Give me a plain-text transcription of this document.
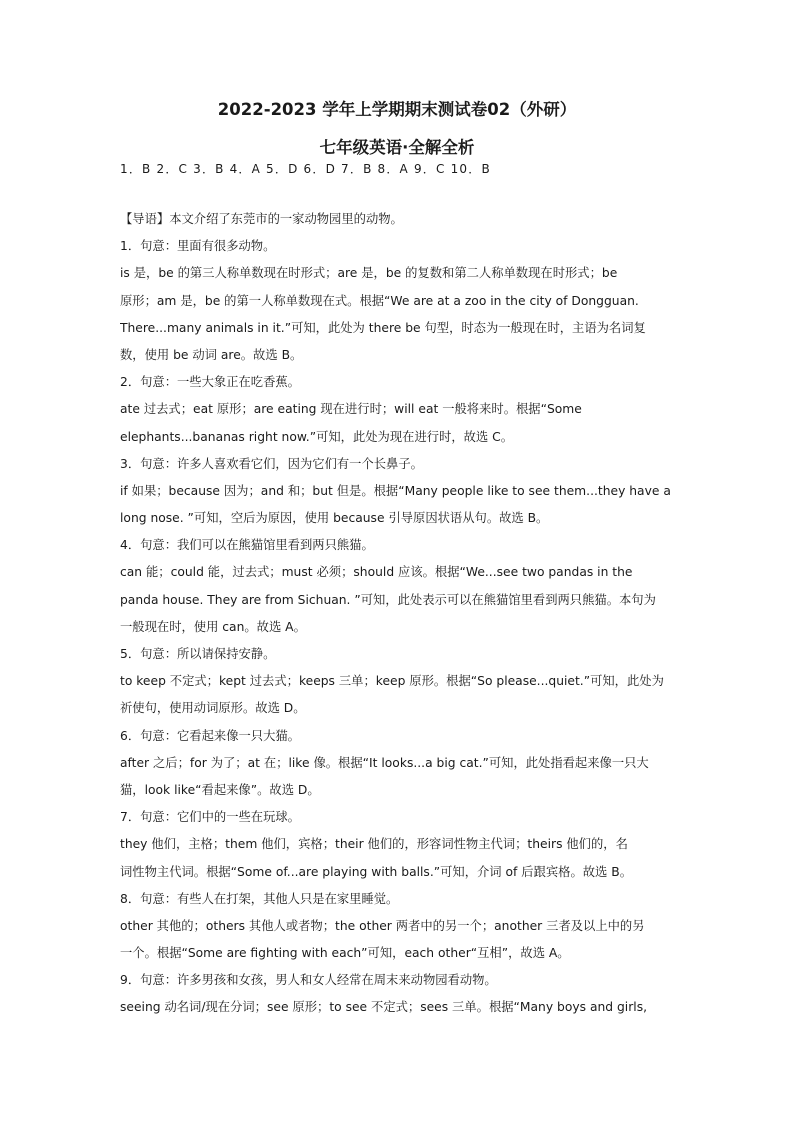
2022-2023 学年上学期期末测试卷02（外研）
七年级英语·全解全析
1．B 2．C 3．B 4．A 5．D 6．D 7．B 8．A 9．C 10．B
【导语】本文介绍了东莞市的一家动物园里的动物。
1．句意：里面有很多动物。
is 是，be 的第三人称单数现在时形式；are 是，be 的复数和第二人称单数现在时形式；be
原形；am 是，be 的第一人称单数现在式。根据“We are at a zoo in the city of Dongguan.
There...many animals in it.”可知，此处为 there be 句型，时态为一般现在时，主语为名词复
数，使用 be 动词 are。故选 B。
2．句意：一些大象正在吃香蕉。
ate 过去式；eat 原形；are eating 现在进行时；will eat 一般将来时。根据“Some
elephants...bananas right now.”可知，此处为现在进行时，故选 C。
3．句意：许多人喜欢看它们，因为它们有一个长鼻子。
if 如果；because 因为；and 和；but 但是。根据“Many people like to see them...they have a
long nose. ”可知，空后为原因，使用 because 引导原因状语从句。故选 B。
4．句意：我们可以在熊猫馆里看到两只熊猫。
can 能；could 能，过去式；must 必须；should 应该。根据“We...see two pandas in the
panda house. They are from Sichuan. ”可知，此处表示可以在熊猫馆里看到两只熊猫。本句为
一般现在时，使用 can。故选 A。
5．句意：所以请保持安静。
to keep 不定式；kept 过去式；keeps 三单；keep 原形。根据“So please...quiet.”可知，此处为
祈使句，使用动词原形。故选 D。
6．句意：它看起来像一只大猫。
after 之后；for 为了；at 在；like 像。根据“It looks...a big cat.”可知，此处指看起来像一只大
猫，look like“看起来像”。故选 D。
7．句意：它们中的一些在玩球。
they 他们，主格；them 他们，宾格；their 他们的，形容词性物主代词；theirs 他们的，名
词性物主代词。根据“Some of...are playing with balls.”可知，介词 of 后跟宾格。故选 B。
8．句意：有些人在打架，其他人只是在家里睡觉。
other 其他的；others 其他人或者物；the other 两者中的另一个；another 三者及以上中的另
一个。根据“Some are fighting with each”可知，each other“互相”，故选 A。
9．句意：许多男孩和女孩，男人和女人经常在周末来动物园看动物。
seeing 动名词/现在分词；see 原形；to see 不定式；sees 三单。根据“Many boys and girls,
